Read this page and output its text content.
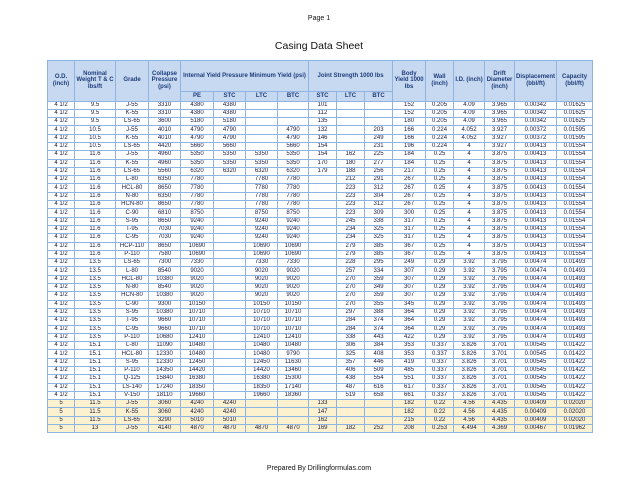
Page 1
Casing Data Sheet
O.D. (inch)	Nominal Weight T & C lbs/ft	Grade	Collapse Pressure (psi)	Internal Yield Pressure Minimum Yield (psi)				Joint Strength 1000 lbs			Body Yield 1000 lbs	Wall (inch)	I.D. (inch)	Drift Diameter (inch)	Displacement (bbl/ft)	Capacity (bbl/ft)
				PE	STC	LTC	BTC	STC	LTC	BTC						
4 1/2	9.5	J-55	3310	4380	4380			101			152	0.205	4.09	3.965	0.00342	0.01625
4 1/2	9.5	K-55	3310	4380	4380			112			152	0.205	4.09	3.965	0.00342	0.01625
4 1/2	9.5	LS-65	3600	5180	5180			135			180	0.205	4.09	3.965	0.00342	0.01625
4 1/2	10.5	J-55	4010	4790	4790		4790	132		203	166	0.224	4.052	3.927	0.00372	0.01595
4 1/2	10.5	K-55	4010	4790	4790		4790	146		249	166	0.224	4.052	3.927	0.00372	0.01595
4 1/2	10.5	LS-65	4420	5660	5660		5660	154		231	196	0.224	4	3.927	0.00413	0.01554
4 1/2	11.6	J-55	4960	5350	5350	5350	5350	154	162	225	184	0.25	4	3.875	0.00413	0.01554
4 1/2	11.6	K-55	4960	5350	5350	5350	5350	170	180	277	184	0.25	4	3.875	0.00413	0.01554
4 1/2	11.6	LS-65	5560	6320	6320	6320	6320	179	188	256	217	0.25	4	3.875	0.00413	0.01554
4 1/2	11.6	L-80	6350	7780		7780	7780		212	291	267	0.25	4	3.875	0.00413	0.01554
4 1/2	11.6	HCL-80	8650	7780		7780	7780		223	312	267	0.25	4	3.875	0.00413	0.01554
4 1/2	11.6	N-80	6350	7780		7780	7780		223	304	267	0.25	4	3.875	0.00413	0.01554
4 1/2	11.6	HCN-80	8650	7780		7780	7780		223	312	267	0.25	4	3.875	0.00413	0.01554
4 1/2	11.6	C-90	6810	8750		8750	8750		223	309	300	0.25	4	3.875	0.00413	0.01554
4 1/2	11.6	S-95	8650	9240		9240	9240		245	338	317	0.25	4	3.875	0.00413	0.01554
4 1/2	11.6	T-95	7030	9240		9240	9240		234	325	317	0.25	4	3.875	0.00413	0.01554
4 1/2	11.6	C-95	7030	9240		9240	9240		234	325	317	0.25	4	3.875	0.00413	0.01554
4 1/2	11.6	HCP-110	8650	10690		10690	10690		279	385	367	0.25	4	3.875	0.00413	0.01554
4 1/2	11.6	P-110	7580	10690		10690	10690		279	385	367	0.25	4	3.875	0.00413	0.01554
4 1/2	13.5	LS-65	7300	7330		7330	7330		228	295	249	0.29	3.92	3.795	0.00474	0.01493
4 1/2	13.5	L-80	8540	9020		9020	9020		257	334	307	0.29	3.92	3.795	0.00474	0.01493
4 1/2	13.5	HCL-80	10380	9020		9020	9020		270	359	307	0.29	3.92	3.795	0.00474	0.01493
4 1/2	13.5	N-80	8540	9020		9020	9020		270	349	307	0.29	3.92	3.795	0.00474	0.01493
4 1/2	13.5	HCN-80	10380	9020		9020	9020		270	359	307	0.29	3.92	3.795	0.00474	0.01493
4 1/2	13.5	C-90	9300	10150		10150	10150		270	355	345	0.29	3.92	3.795	0.00474	0.01493
4 1/2	13.5	S-95	10380	10710		10710	10710		297	388	364	0.29	3.92	3.795	0.00474	0.01493
4 1/2	13.5	T-95	9660	10710		10710	10710		284	374	364	0.29	3.92	3.795	0.00474	0.01493
4 1/2	13.5	C-95	9660	10710		10710	10710		284	374	364	0.29	3.92	3.795	0.00474	0.01493
4 1/2	13.5	P-110	10680	12410		12410	12410		338	443	422	0.29	3.92	3.795	0.00474	0.01493
4 1/2	15.1	L-80	11090	10480		10480	10480		306	384	353	0.337	3.826	3.701	0.00545	0.01422
4 1/2	15.1	HCL-80	12330	10480		10480	9790		325	408	353	0.337	3.826	3.701	0.00545	0.01422
4 1/2	15.1	S-95	12330	12450		12450	11630		357	446	419	0.337	3.826	3.701	0.00545	0.01422
4 1/2	15.1	P-110	14350	14420		14420	13460		406	509	485	0.337	3.826	3.701	0.00545	0.01422
4 1/2	15.1	Q-125	15840	16380		16380	15300		438	554	551	0.337	3.826	3.701	0.00545	0.01422
4 1/2	15.1	LS-140	17240	18350		18350	17140		487	616	617	0.337	3.826	3.701	0.00545	0.01422
4 1/2	15.1	V-150	18110	19660		19660	18360		519	658	661	0.337	3.826	3.701	0.00545	0.01422
5	11.5	J-55	3060	4240	4240			133			182	0.22	4.56	4.435	0.00409	0.02020
5	11.5	K-55	3060	4240	4240			147			182	0.22	4.56	4.435	0.00409	0.02020
5	11.5	LS-65	3290	5010	5010			162			215	0.22	4.56	4.435	0.00409	0.02020
5	13	J-55	4140	4870	4870	4870	4870	169	182	252	208	0.253	4.494	4.369	0.00467	0.01962
Prepared By Drillingformulas.com
